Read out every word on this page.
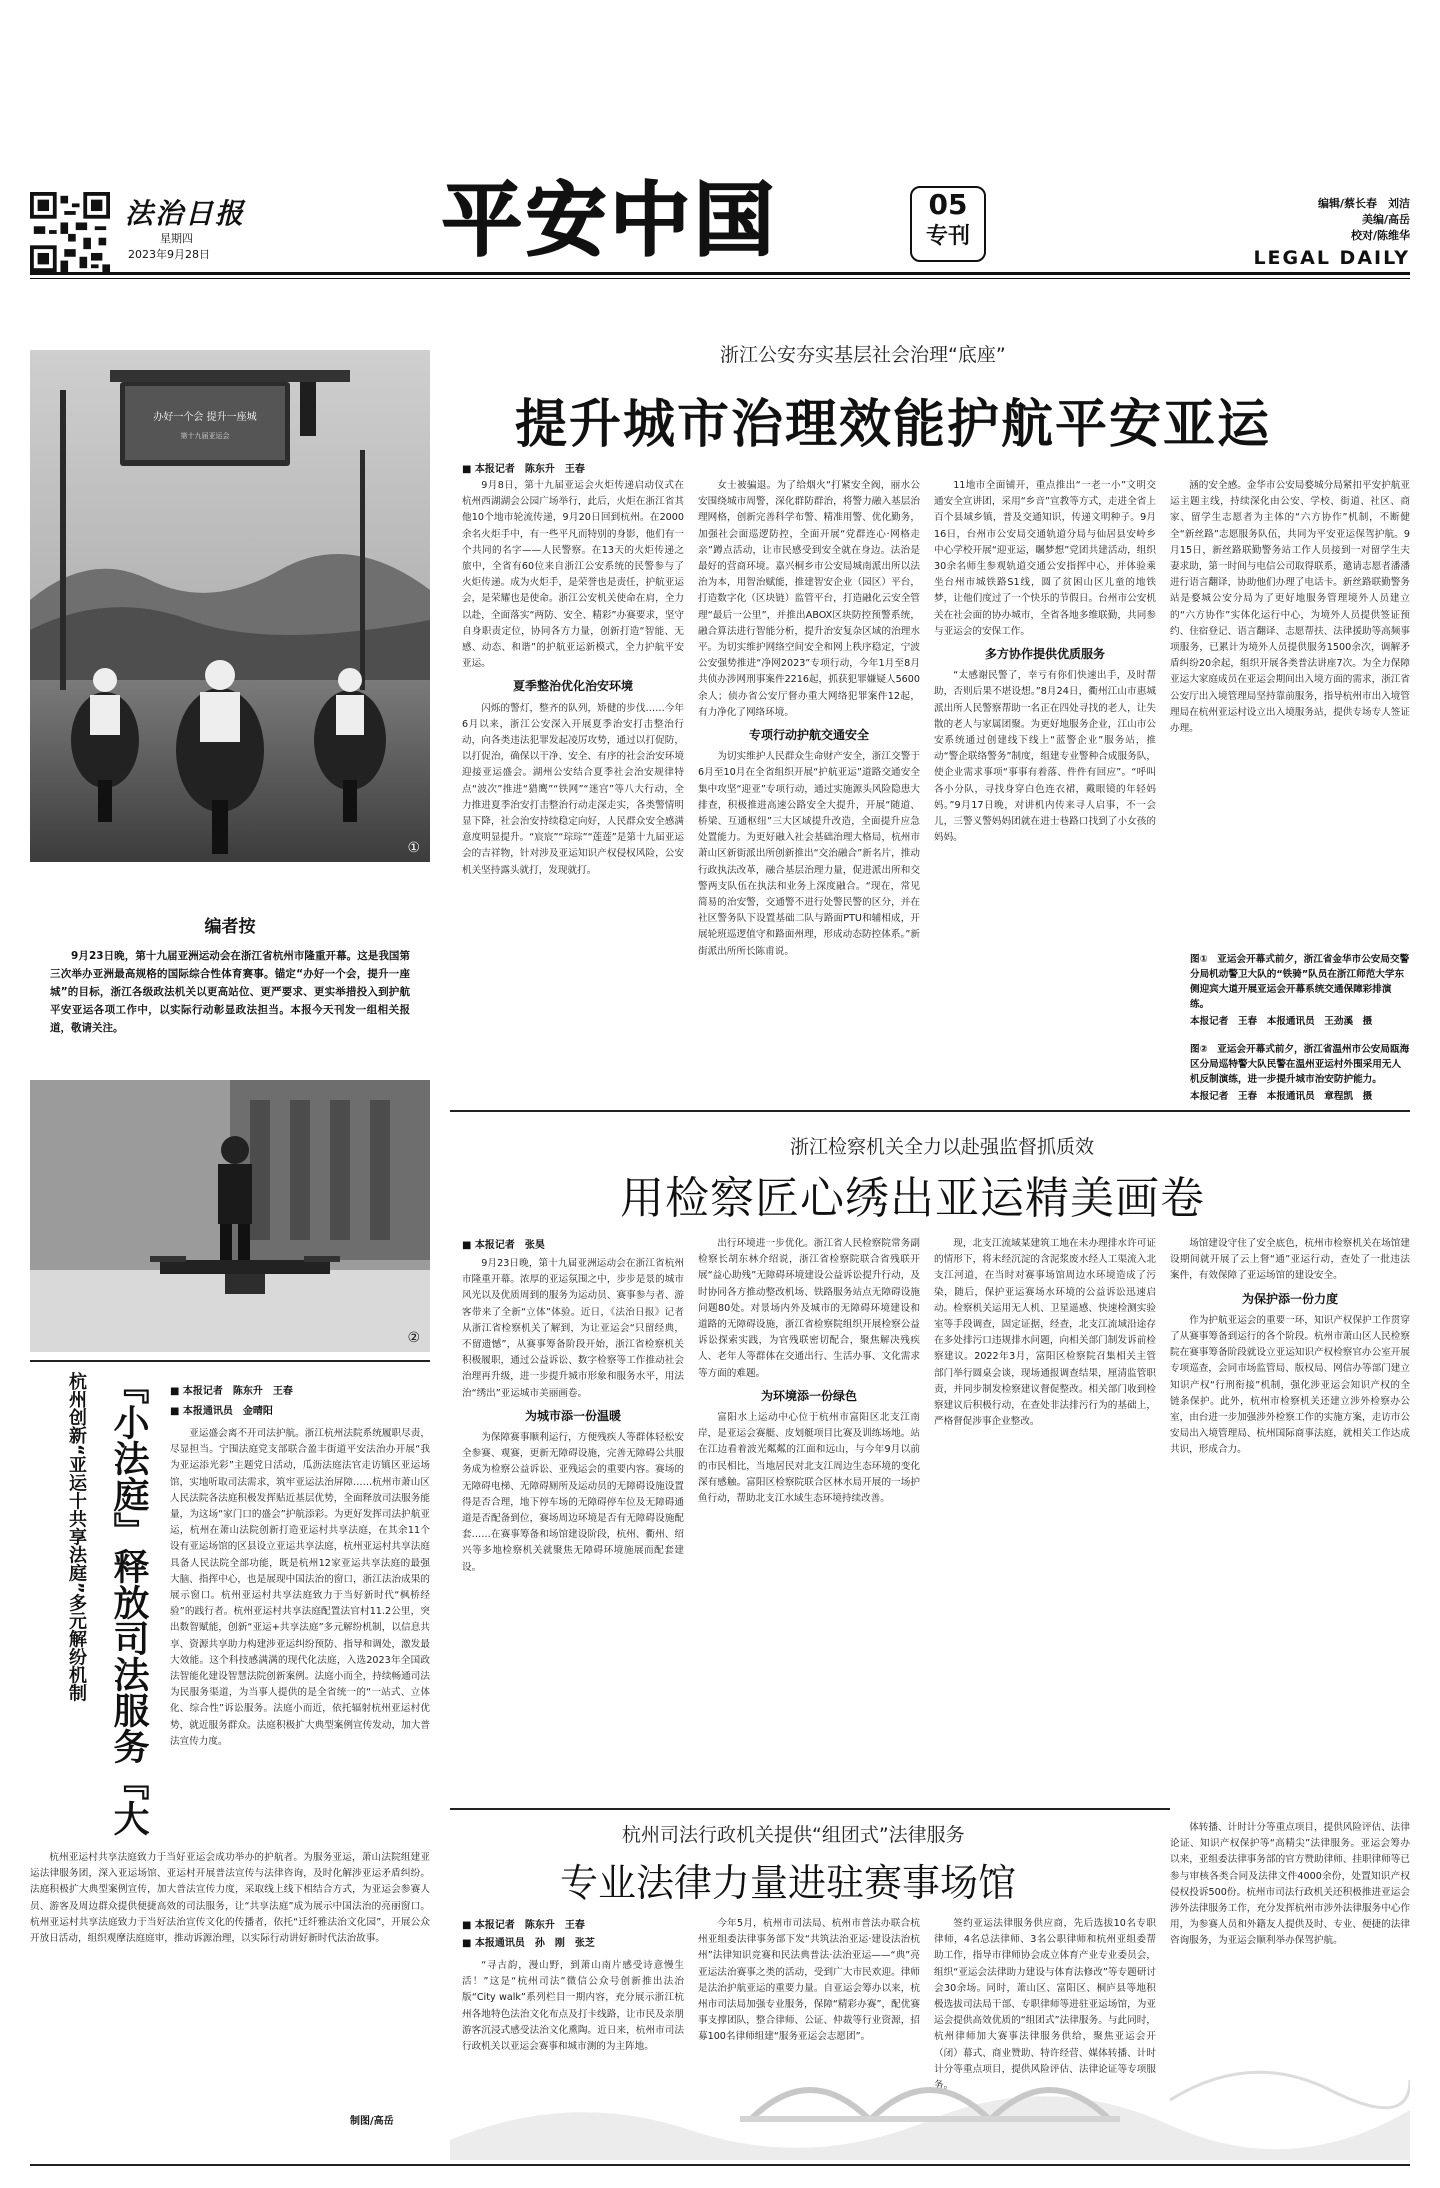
法治日报
星期四
2023年9月28日	平安中国	05
专刊
编辑/蔡长春　刘洁
美编/高岳
校对/陈维华
LEGAL DAILY
办好一个会 提升一座城
第十九届亚运会
①
编者按
9月23日晚，第十九届亚洲运动会在浙江省杭州市隆重开幕。这是我国第三次举办亚洲最高规格的国际综合性体育赛事。锚定“办好一个会，提升一座城”的目标，浙江各级政法机关以更高站位、更严要求、更实举措投入到护航平安亚运各项工作中，以实际行动彰显政法担当。本报今天刊发一组相关报道，敬请关注。
②
杭州创新“亚运十共享法庭”多元解纷机制 『小法庭』释放司法服务『大
■ 本报记者　陈东升　王春
■ 本报通讯员　金晴阳

亚运盛会离不开司法护航。浙江杭州法院系统履职尽责，尽显担当。宁围法庭党支部联合盈丰街道平安法治办开展“我为亚运添光彩”主题党日活动，瓜沥法庭法官走访镇区亚运场馆，实地听取司法需求，筑牢亚运法治屏障……杭州市萧山区人民法院各法庭积极发挥贴近基层优势，全面释放司法服务能量，为这场“家门口的盛会”护航添彩。为更好发挥司法护航亚运，杭州在萧山法院创新打造亚运村共享法庭，在其余11个设有亚运场馆的区县设立亚运共享法庭，杭州亚运村共享法庭具备人民法院全部功能，既是杭州12家亚运共享法庭的最强大脑、指挥中心，也是展现中国法治的窗口，浙江法治成果的展示窗口。杭州亚运村共享法庭致力于当好新时代“枫桥经验”的践行者。杭州亚运村共享法庭配置法官村11.2公里，突出数智赋能，创新“亚运+共享法庭”多元解纷机制，以信息共享、资源共享助力构建涉亚运纠纷预防、指导和调处，激发最大效能。这个科技感满满的现代化法庭，入选2023年全国政法智能化建设智慧法院创新案例。法庭小而全，持续畅通司法为民服务渠道，为当事人提供的是全省统一的“一站式、立体化、综合性”诉讼服务。法庭小而近，依托辐射杭州亚运村优势，就近服务群众。法庭积极扩大典型案例宣传发动，加大普法宣传力度。

杭州亚运村共享法庭致力于当好亚运会成功举办的护航者。为服务亚运，萧山法院组建亚运法律服务团，深入亚运场馆、亚运村开展普法宣传与法律咨询，及时化解涉亚运矛盾纠纷。法庭积极扩大典型案例宣传，加大普法宣传力度，采取线上线下相结合方式，为亚运会参赛人员、游客及周边群众提供便捷高效的司法服务，让“共享法庭”成为展示中国法治的亮丽窗口。杭州亚运村共享法庭致力于当好法治宣传文化的传播者，依托“迁纤雅法治文化园”，开展公众开放日活动，组织观摩法庭庭审，推动诉源治理，以实际行动讲好新时代法治故事。

制图/高岳
浙江公安夯实基层社会治理“底座”
提升城市治理效能护航平安亚运
■ 本报记者　陈东升　王春

9月8日，第十九届亚运会火炬传递启动仪式在杭州西湖湖会公园广场举行，此后，火炬在浙江省其他10个地市轮流传递，9月20日回到杭州。在2000余名火炬手中，有一些平凡而特别的身影，他们有一个共同的名字——人民警察。在13天的火炬传递之旅中，全省有60位来自浙江公安系统的民警参与了火炬传递。成为火炬手，是荣誉也是责任，护航亚运会，是荣耀也是使命。浙江公安机关使命在肩，全力以赴，全面落实“两防、安全、精彩”办赛要求，坚守自身职责定位，协同各方力量，创新打造“智能、无感、动态、和谐”的护航亚运新模式，全力护航平安亚运。

夏季整治优化治安环境

闪烁的警灯，整齐的队列，矫健的步伐……今年6月以来，浙江公安深入开展夏季治安打击整治行动，向各类违法犯罪发起凌厉攻势，通过以打促防，以打促治，确保以干净、安全、有序的社会治安环境迎接亚运盛会。湖州公安结合夏季社会治安规律特点“波次”推进“猎鹰”“铁网”“迷宫”等八大行动，全力推进夏季治安打击整治行动走深走实，各类警情明显下降，社会治安持续稳定向好，人民群众安全感满意度明显提升。“宸宸”“琮琮”“莲莲”是第十九届亚运会的吉祥物，针对涉及亚运知识产权侵权风险，公安机关坚持露头就打，发现就打。

女士被骗退。为了给烟火“打紧安全阀，丽水公安围绕城市周警，深化群防群治，将警力融入基层治理网格，创新完善科学布警、精准用警、优化勤务，加强社会面巡逻防控，全面开展“党群连心·网格走亲”蹲点活动，让市民感受到安全就在身边。法治是最好的营商环境。嘉兴桐乡市公安局城南派出所以法治为本，用智治赋能，推建智安企业（园区）平台，打造数字化（区块链）监管平台，打造融化云安全管理“最后一公里”，并推出ABOX区块防控预警系统，融合算法进行智能分析，提升治安复杂区域的治理水平。为切实维护网络空间安全和网上秩序稳定，宁波公安强势推进“净网2023”专项行动，今年1月至8月共侦办涉网刑事案件2216起，抓获犯罪嫌疑人5600余人；侦办省公安厅督办重大网络犯罪案件12起，有力净化了网络环境。

专项行动护航交通安全

为切实维护人民群众生命财产安全，浙江交警于6月至10月在全省组织开展“护航亚运”道路交通安全集中攻坚“迎亚”专项行动，通过实施源头风险隐患大排查，积极推进高速公路安全大提升，开展“随道、桥梁、互通枢纽”三大区域提升改造，全面提升应急处置能力。为更好融入社会基础治理大格局，杭州市萧山区新街派出所创新推出“交治融合”新名片，推动行政执法改革，融合基层治理力量，促进派出所和交警两支队伍在执法和业务上深度融合。“现在，常见简易的治安警，交通警不进行处警民警的区分，并在社区警务队下设置基础二队与路面PTU和辅相成，开展轮班巡逻值守和路面州理，形成动态防控体系。”新街派出所所长陈甫说。

11地市全面铺开，重点推出“一老一小”文明交通安全宣讲团，采用“乡音”宣教等方式，走进全省上百个县域乡镇，普及交通知识，传递文明种子。9月16日，台州市公安局交通轨道分局与仙居县安岭乡中心学校开展“迎亚运，瞩梦想”党团共建活动，组织30余名师生参观轨道交通公安指挥中心，并体验乘坐台州市城铁路S1线，圆了贫困山区儿童的地铁梦，让他们度过了一个快乐的节假日。台州市公安机关在社会面的协办城市，全省各地多维联勤，共同参与亚运会的安保工作。

多方协作提供优质服务

“太感谢民警了，幸亏有你们快速出手，及时帮助，否则后果不堪设想。”8月24日，衢州江山市惠城派出所人民警察帮助一名正在四处寻找的老人，让失散的老人与家属团聚。为更好地服务企业，江山市公安系统通过创建线下线上“蓝警企业”服务站，推动“警企联络警务”制度，组建专业警种合成服务队，使企业需求事项“事事有着落、件件有回应”。“呼叫各小分队，寻找身穿白色连衣裙，戴眼镜的年轻妈妈。”9月17日晚，对讲机内传来寻人启事，不一会儿，三警义警妈妈团就在进士巷路口找到了小女孩的妈妈。

涵的安全感。金华市公安局婺城分局紧扣平安护航亚运主题主线，持续深化由公安、学校、街道、社区、商家、留学生志愿者为主体的“六方协作”机制，不断健全“新丝路”志愿服务队伍，共同为平安亚运保驾护航。9月15日，新丝路联勤警务站工作人员接到一对留学生夫妻求助，第一时间与电信公司取得联系，邀请志愿者潘潘进行语言翻译，协助他们办理了电话卡。新丝路联勤警务站是婺城公安分局为了更好地服务管理境外人员建立的“六方协作”实体化运行中心，为境外人员提供签证预约、住宿登记、语言翻译、志愿帮扶、法律援助等高频事项服务，已累计为境外人员提供服务1500余次，调解矛盾纠纷20余起，组织开展各类普法讲座7次。为全力保障亚运大家庭成员在亚运会期间出入境方面的需求，浙江省公安厅出入境管理局坚持靠前服务，指导杭州市出入境管理局在杭州亚运村设立出入境服务站，提供专场专人签证办理。

图①　亚运会开幕式前夕，浙江省金华市公安局交警分局机动警卫大队的“铁骑”队员在浙江师范大学东侧迎宾大道开展亚运会开幕系统交通保障彩排演练。
本报记者　王春　本报通讯员　王劲溪　摄
图②　亚运会开幕式前夕，浙江省温州市公安局瓯海区分局巡特警大队民警在温州亚运村外围采用无人机反制演练，进一步提升城市治安防护能力。
本报记者　王春　本报通讯员　章程凯　摄
浙江检察机关全力以赴强监督抓质效
用检察匠心绣出亚运精美画卷
■ 本报记者　张昊

9月23日晚，第十九届亚洲运动会在浙江省杭州市隆重开幕。浓厚的亚运氛围之中，步步是景的城市风光以及优质周到的服务为运动员、赛事参与者、游客带来了全新“立体”体验。近日，《法治日报》记者从浙江省检察机关了解到，为让亚运会“只留经典，不留遗憾”，从赛事筹备阶段开始，浙江省检察机关积极履职，通过公益诉讼、数字检察等工作推动社会治理再升级，进一步提升城市形象和服务水平，用法治“绣出”亚运城市美丽画卷。

为城市添一份温暖

为保障赛事顺利运行，方便残疾人等群体轻松安全参赛、观赛，更新无障碍设施，完善无障碍公共服务成为检察公益诉讼、亚残运会的重要内容。赛场的无障碍电梯、无障碍厕所及运动员的无障碍设施设置得是否合理，地下停车场的无障碍停车位及无障碍通道是否配备到位，赛场周边环境是否有无障碍设施配套……在赛事筹备和场馆建设阶段，杭州、衢州、绍兴等多地检察机关就聚焦无障碍环境施展而配套建设。

出行环境进一步优化。浙江省人民检察院常务副检察长胡东林介绍说，浙江省检察院联合省残联开展“益心助残”无障碍环境建设公益诉讼提升行动，及时协同各方推动整改机场、铁路服务站点无障碍设施问题80处。对景场内外及城市的无障碍环境建设和道路的无障碍设施，浙江省检察院组织开展检察公益诉讼探索实践，为官残联密切配合，聚焦解决残疾人、老年人等群体在交通出行、生活办事、文化需求等方面的难题。

为环境添一份绿色

富阳水上运动中心位于杭州市富阳区北支江南岸，是亚运会赛艇、皮划艇项目比赛及训练场地。站在江边看着波光粼粼的江面和远山，与今年9月以前的市民相比，当地居民对北支江周边生态环境的变化深有感触。富阳区检察院联合区林水局开展的一场护鱼行动，帮助北支江水域生态环境持续改善。

现，北支江流域某建筑工地在未办理排水许可证的情形下，将未经沉淀的含泥浆废水经人工渠流入北支江河道，在当时对赛事场馆周边水环境造成了污染，随后，保护亚运赛场水环境的公益诉讼迅速启动。检察机关运用无人机、卫星遥感、快速检测实验室等手段调查，固定证据，经查，北支江流域沿途存在多处排污口违规排水问题，向相关部门制发诉前检察建议。2022年3月，富阳区检察院召集相关主管部门举行圆桌会谈，现场通报调查结果，厘清监管职责，并同步制发检察建议督促整改。相关部门收到检察建议后积极行动，在查处非法排污行为的基础上，严格督促涉事企业整改。

场馆建设守住了安全底色，杭州市检察机关在场馆建设期间就开展了云上督“通”亚运行动，查处了一批违法案件，有效保障了亚运场馆的建设安全。

为保护添一份力度

作为护航亚运会的重要一环，知识产权保护工作贯穿了从赛事筹备到运行的各个阶段。杭州市萧山区人民检察院在赛事筹备阶段就设立亚运知识产权检察官办公室开展专项巡查，会同市场监管局、版权局、网信办等部门建立知识产权“行刑衔接”机制，强化涉亚运会知识产权的全链条保护。此外，杭州市检察机关还建立涉外检察办公室，由台进一步加强涉外检察工作的实施方案，走访市公安局出入境管理局、杭州国际商事法庭，就相关工作达成共识，形成合力。

杭州司法行政机关提供“组团式”法律服务
专业法律力量进驻赛事场馆
■ 本报记者　陈东升　王春
■ 本报通讯员　孙　刚　张芝

“寻古韵，漫山野，到萧山南片感受诗意慢生活！”这是“杭州司法”微信公众号创新推出法治版“City walk”系列栏目一期内容，充分展示浙江杭州各地特色法治文化布点及打卡线路，让市民及亲朋游客沉浸式感受法治文化熏陶。近日来，杭州市司法行政机关以亚运会赛事和城市测的为主阵地。

今年5月，杭州市司法局、杭州市普法办联合杭州亚组委法律事务部下发“共筑法治亚运·建设法治杭州”法律知识竞赛和民法典普法·法治亚运——“典”亮亚运法治赛事之类的活动，受到广大市民欢迎。律师是法治护航亚运的重要力量。自亚运会筹办以来，杭州市司法局加强专业服务，保障“精彩办赛”，配优赛事支撑团队，整合律师、公证、仲裁等行业资源，招募100名律师组建“服务亚运会志愿团”。

签约亚运法律服务供应商，先后选拔10名专职律师，4名总法律师、3名公职律师和杭州亚组委帮助工作，指导市律师协会成立体育产业专业委员会，组织“亚运会法律助力建设与体育法修改”等专题研讨会30余场。同时，萧山区、富阳区、桐庐县等地积极选拔司法局干部、专职律师等进驻亚运场馆，为亚运会提供高效优质的“组团式”法律服务。与此同时，杭州律师加大赛事法律服务供给，聚焦亚运会开（闭）幕式、商业赞助、特许经营、媒体转播、计时计分等重点项目，提供风险评估、法律论证等专项服务。

体转播、计时计分等重点项目，提供风险评估、法律论证、知识产权保护等“高精尖”法律服务。亚运会筹办以来，亚组委法律事务部的官方赞助律师、挂职律师等已参与审核各类合同及法律文件4000余份，处置知识产权侵权投诉500份。杭州市司法行政机关还积极推进亚运会涉外法律服务工作，充分发挥杭州市涉外法律服务中心作用，为参赛人员和外籍友人提供及时、专业、便捷的法律咨询服务，为亚运会顺利举办保驾护航。
